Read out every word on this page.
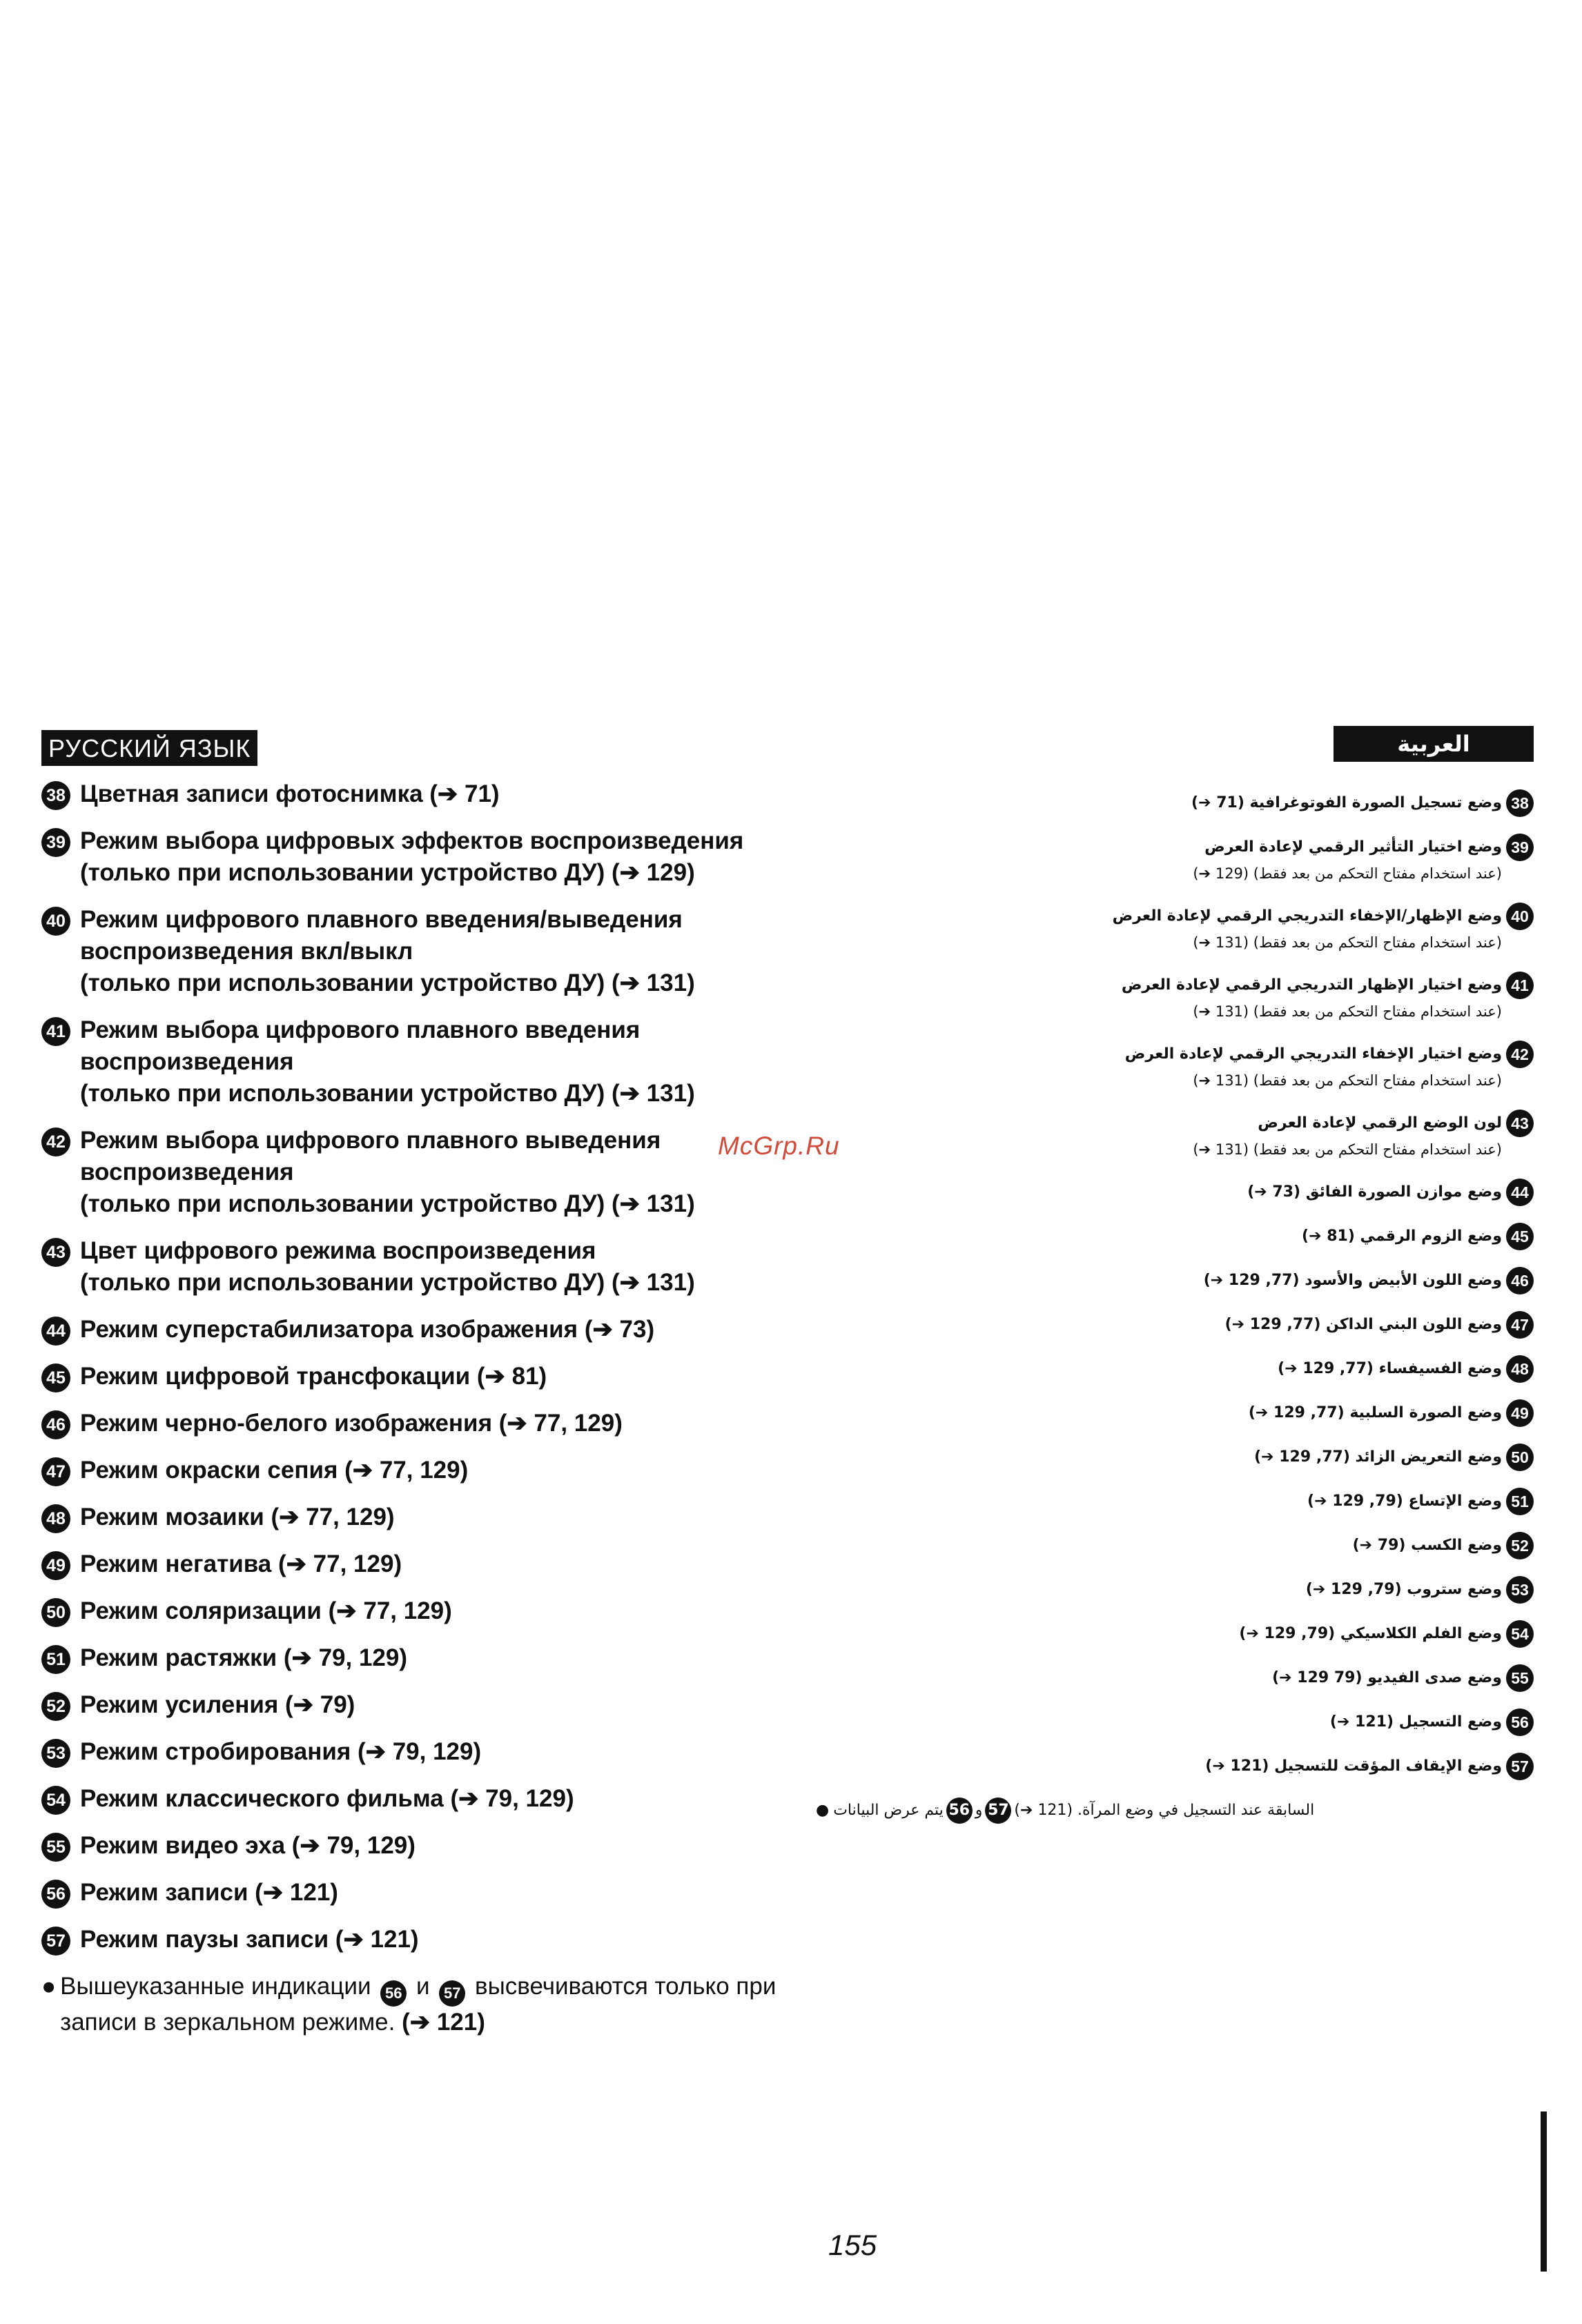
РУССКИЙ ЯЗЫК
38 Цветная записи фотоснимка (➔ 71)
39 Режим выбора цифровых эффектов воспроизведения
(только при использовании устройство ДУ) (➔ 129)
40 Режим цифрового плавного введения/выведения
воспроизведения вкл/выкл
(только при использовании устройство ДУ) (➔ 131)
41 Режим выбора цифрового плавного введения
воспроизведения
(только при использовании устройство ДУ) (➔ 131)
42 Режим выбора цифрового плавного выведения
воспроизведения
(только при использовании устройство ДУ) (➔ 131)
43 Цвет цифрового режима воспроизведения
(только при использовании устройство ДУ) (➔ 131)
44 Режим суперстабилизатора изображения (➔ 73)
45 Режим цифровой трансфокации (➔ 81)
46 Режим черно-белого изображения (➔ 77, 129)
47 Режим окраски сепия (➔ 77, 129)
48 Режим мозаики (➔ 77, 129)
49 Режим негатива (➔ 77, 129)
50 Режим соляризации (➔ 77, 129)
51 Режим растяжки (➔ 79, 129)
52 Режим усиления (➔ 79)
53 Режим стробирования (➔ 79, 129)
54 Режим классического фильма (➔ 79, 129)
55 Режим видео эха (➔ 79, 129)
56 Режим записи (➔ 121)
57 Режим паузы записи (➔ 121)
● Вышеуказанные индикации 56 и 57 высвечиваются только при
записи в зеркальном режиме. (➔ 121)
McGrp.Ru
العربية
38
وضع تسجيل الصورة الفوتوغرافية (71 ➔)
39
وضع اختيار التأثير الرقمي لإعادة العرض
(عند استخدام مفتاح التحكم من بعد فقط) (129 ➔)
40
وضع الإظهار/الإخفاء التدريجي الرقمي لإعادة العرض
(عند استخدام مفتاح التحكم من بعد فقط) (131 ➔)
41
وضع اختيار الإظهار التدريجي الرقمي لإعادة العرض
(عند استخدام مفتاح التحكم من بعد فقط) (131 ➔)
42
وضع اختيار الإخفاء التدريجي الرقمي لإعادة العرض
(عند استخدام مفتاح التحكم من بعد فقط) (131 ➔)
43
لون الوضع الرقمي لإعادة العرض
(عند استخدام مفتاح التحكم من بعد فقط) (131 ➔)
44
وضع موازن الصورة الفائق (73 ➔)
45
وضع الزوم الرقمي (81 ➔)
46
وضع اللون الأبيض والأسود (77, 129 ➔)
47
وضع اللون البني الداكن (77, 129 ➔)
48
وضع الفسيفساء (77, 129 ➔)
49
وضع الصورة السلبية (77, 129 ➔)
50
وضع التعريض الزائد (77, 129 ➔)
51
وضع الإتساع (79, 129 ➔)
52
وضع الكسب (79 ➔)
53
وضع ستروب (79, 129 ➔)
54
وضع الفلم الكلاسيكي (79, 129 ➔)
55
وضع صدى الفيديو (79 129 ➔)
56
وضع التسجيل (121 ➔)
57
وضع الإيقاف المؤقت للتسجيل (121 ➔)
● يتم عرض البيانات 56 و 57 السابقة عند التسجيل في وضع المرآة. (121 ➔)
155
